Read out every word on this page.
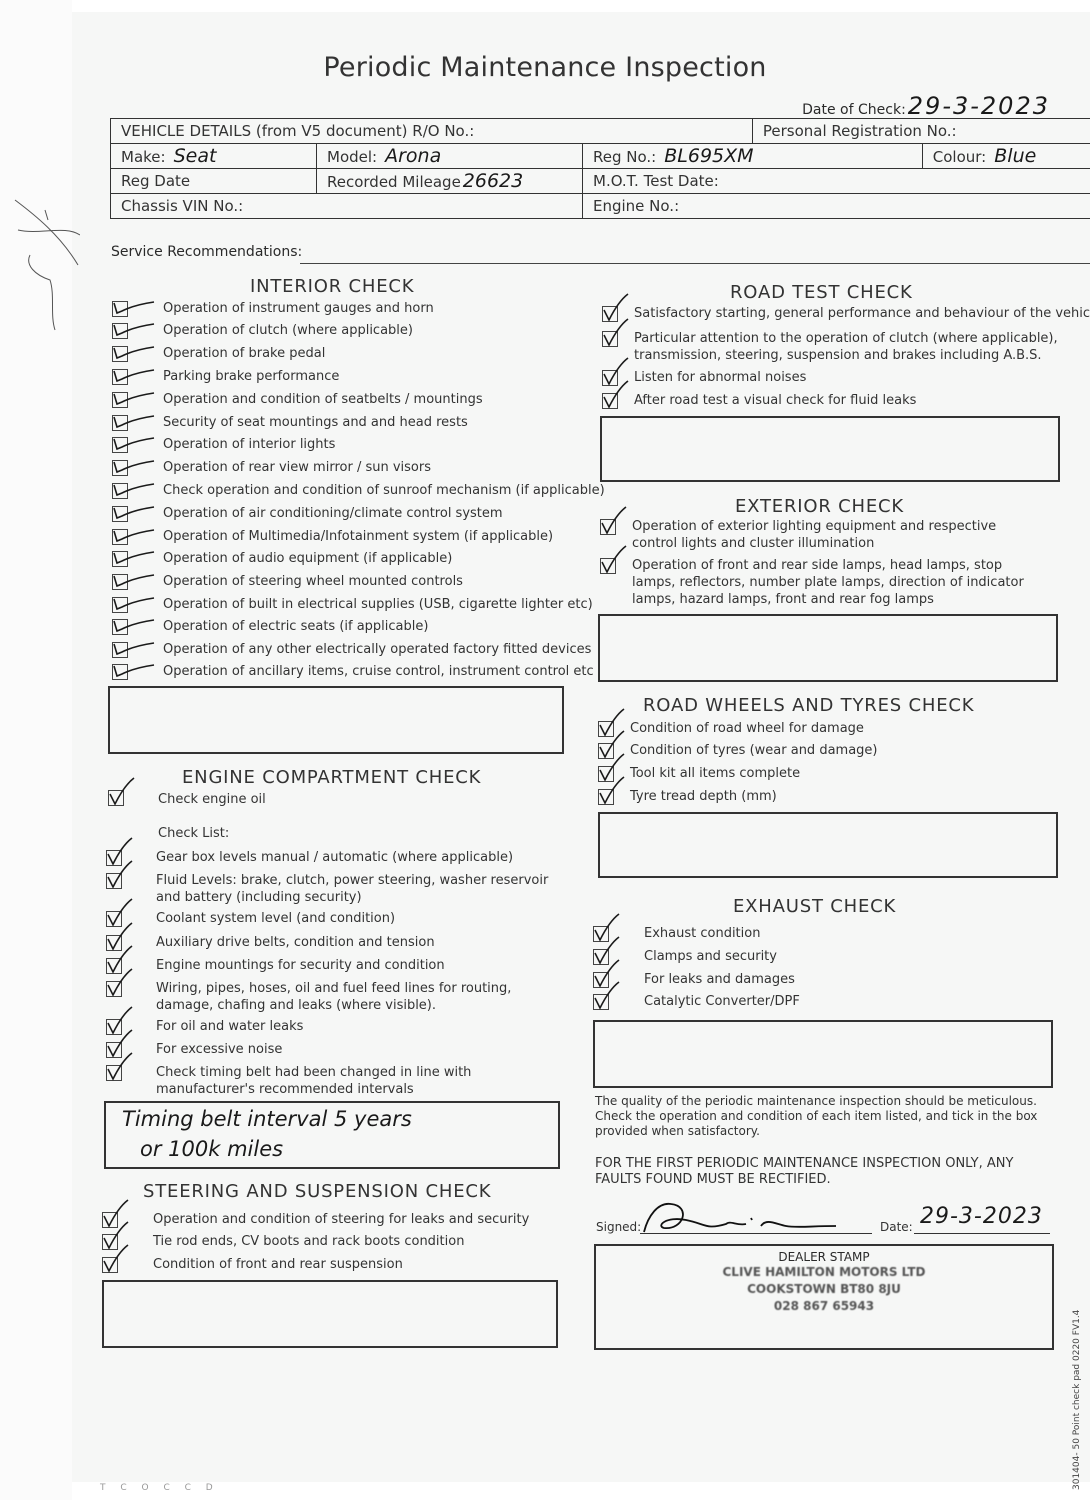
Periodic Maintenance Inspection
Date of Check:29-3-2023
VEHICLE DETAILS (from V5 document) R/O No.:			Personal Registration No.:	
Make: Seat	Model: Arona	Reg No.: BL695XM		Colour: Blue
Reg Date	Recorded Mileage 26623	M.O.T. Test Date:		
Chassis VIN No.:		Engine No.:		
Service Recommendations:
INTERIOR CHECK
Operation of instrument gauges and horn
Operation of clutch (where applicable)
Operation of brake pedal
Parking brake performance
Operation and condition of seatbelts / mountings
Security of seat mountings and and head rests
Operation of interior lights
Operation of rear view mirror / sun visors
Check operation and condition of sunroof mechanism (if applicable)
Operation of air conditioning/climate control system
Operation of Multimedia/Infotainment system (if applicable)
Operation of audio equipment (if applicable)
Operation of steering wheel mounted controls
Operation of built in electrical supplies (USB, cigarette lighter etc)
Operation of electric seats (if applicable)
Operation of any other electrically operated factory fitted devices
Operation of ancillary items, cruise control, instrument control etc
ROAD TEST CHECK
Satisfactory starting, general performance and behaviour of the vehic
Particular attention to the operation of clutch (where applicable), transmission, steering, suspension and brakes including A.B.S.
Listen for abnormal noises
After road test a visual check for fluid leaks
EXTERIOR CHECK
Operation of exterior lighting equipment and respective control lights and cluster illumination
Operation of front and rear side lamps, head lamps, stop lamps, reflectors, number plate lamps, direction of indicator lamps, hazard lamps, front and rear fog lamps
ROAD WHEELS AND TYRES CHECK
Condition of road wheel for damage
Condition of tyres (wear and damage)
Tool kit all items complete
Tyre tread depth (mm)
EXHAUST CHECK
Exhaust condition
Clamps and security
For leaks and damages
Catalytic Converter/DPF
ENGINE COMPARTMENT CHECK
Check engine oil
Check List:
Gear box levels manual / automatic (where applicable)
Fluid Levels: brake, clutch, power steering, washer reservoir and battery (including security)
Coolant system level (and condition)
Auxiliary drive belts, condition and tension
Engine mountings for security and condition
Wiring, pipes, hoses, oil and fuel feed lines for routing, damage, chafing and leaks (where visible).
For oil and water leaks
For excessive noise
Check timing belt had been changed in line with manufacturer's recommended intervals
Timing belt interval 5 years
or 100k miles
STEERING AND SUSPENSION CHECK
Operation and condition of steering for leaks and security
Tie rod ends, CV boots and rack boots condition
Condition of front and rear suspension
The quality of the periodic maintenance inspection should be meticulous. Check the operation and condition of each item listed, and tick in the box provided when satisfactory.
FOR THE FIRST PERIODIC MAINTENANCE INSPECTION ONLY, ANY FAULTS FOUND MUST BE RECTIFIED.
Signed:	Date: 29-3-2023
DEALER STAMP
CLIVE HAMILTON MOTORS LTD
COOKSTOWN BT80 8JU
028 867 65943
301404- 50 Point check pad 0220 FV1.4
T C O C C D
